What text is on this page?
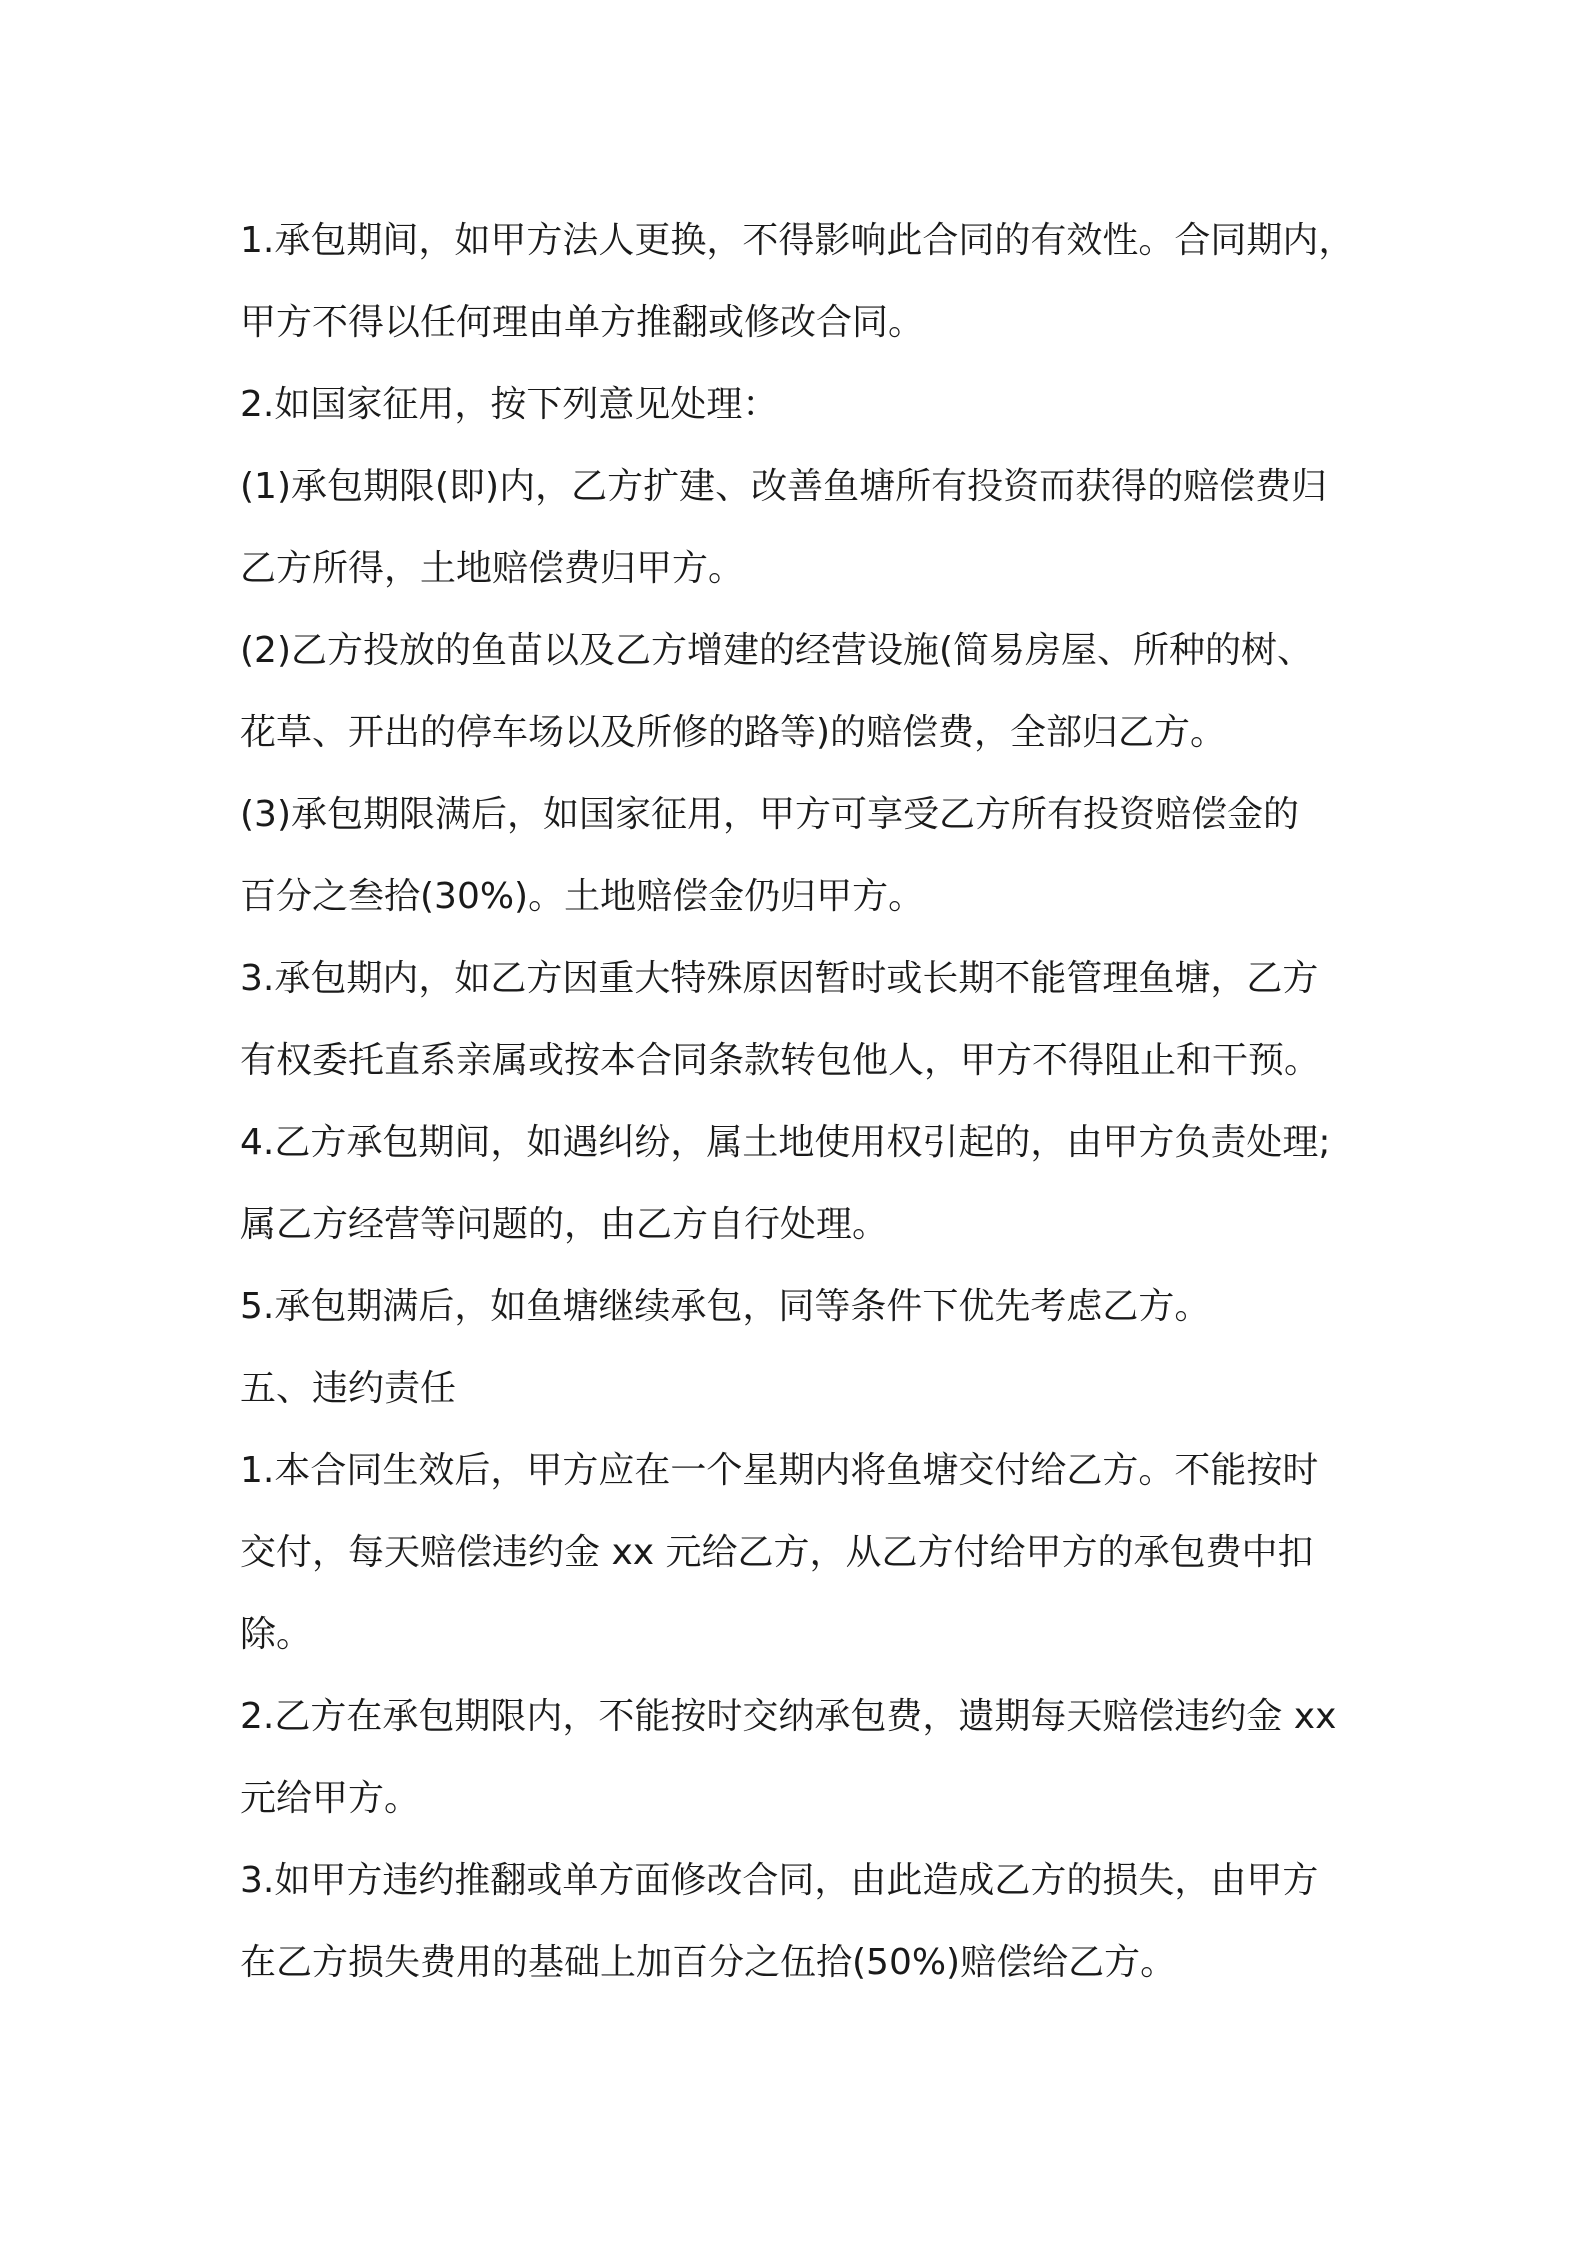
1.承包期间，如甲方法人更换，不得影响此合同的有效性。合同期内，
甲方不得以任何理由单方推翻或修改合同。

2.如国家征用，按下列意见处理：

(1)承包期限(即)内，乙方扩建、改善鱼塘所有投资而获得的赔偿费归
乙方所得，土地赔偿费归甲方。

(2)乙方投放的鱼苗以及乙方增建的经营设施(简易房屋、所种的树、
花草、开出的停车场以及所修的路等)的赔偿费，全部归乙方。

(3)承包期限满后，如国家征用，甲方可享受乙方所有投资赔偿金的
百分之叁拾(30%)。土地赔偿金仍归甲方。

3.承包期内，如乙方因重大特殊原因暂时或长期不能管理鱼塘，乙方
有权委托直系亲属或按本合同条款转包他人，甲方不得阻止和干预。

4.乙方承包期间，如遇纠纷，属土地使用权引起的，由甲方负责处理;
属乙方经营等问题的，由乙方自行处理。

5.承包期满后，如鱼塘继续承包，同等条件下优先考虑乙方。

五、违约责任

1.本合同生效后，甲方应在一个星期内将鱼塘交付给乙方。不能按时
交付，每天赔偿违约金 xx 元给乙方，从乙方付给甲方的承包费中扣
除。

2.乙方在承包期限内，不能按时交纳承包费，遗期每天赔偿违约金 xx
元给甲方。

3.如甲方违约推翻或单方面修改合同，由此造成乙方的损失，由甲方
在乙方损失费用的基础上加百分之伍拾(50%)赔偿给乙方。
